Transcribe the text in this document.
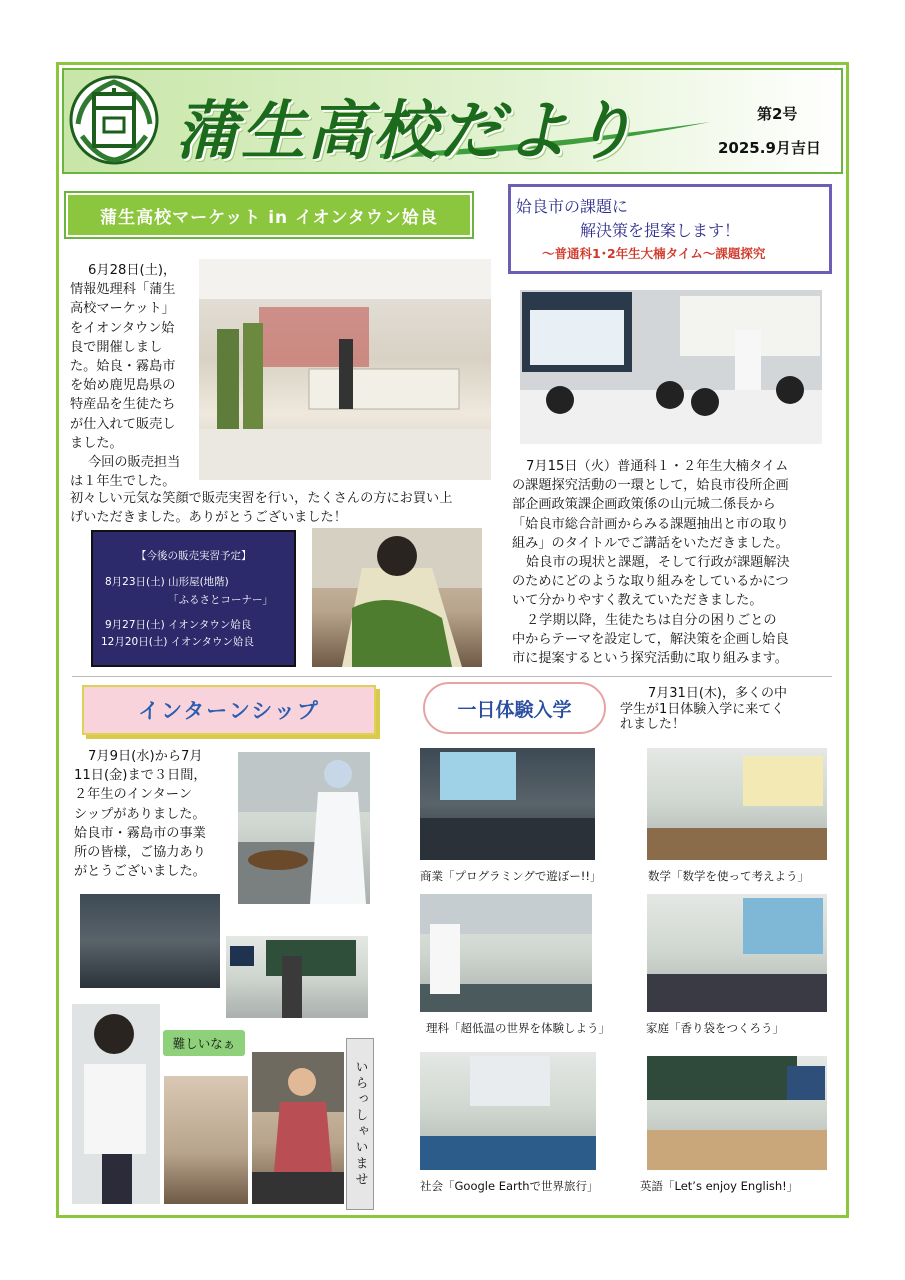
蒲生高校だより	第2号
2025.9月吉日
蒲生高校マーケット in イオンタウン姶良
6月28日(土)，
情報処理科「蒲生
高校マーケット」
をイオンタウン姶
良で開催しまし
た。姶良・霧島市
を始め鹿児島県の
特産品を生徒たち
が仕入れて販売し
ました。
今回の販売担当
は１年生でした。
初々しい元気な笑顔で販売実習を行い，たくさんの方にお買い上
げいただきました。ありがとうございました！
【今後の販売実習予定】
8月23日(土) 山形屋(地階)
「ふるさとコーナー」
9月27日(土) イオンタウン姶良
12月20日(土) イオンタウン姶良
姶良市の課題に
解決策を提案します！
～普通科1･2年生大楠タイム～課題探究
7月15日（火）普通科１・２年生大楠タイム
の課題探究活動の一環として，姶良市役所企画
部企画政策課企画政策係の山元城二係長から
「姶良市総合計画からみる課題抽出と市の取り
組み」のタイトルでご講話をいただきました。
姶良市の現状と課題，そして行政が課題解決
のためにどのような取り組みをしているかにつ
いて分かりやすく教えていただきました。
２学期以降，生徒たちは自分の困りごとの
中からテーマを設定して，解決策を企画し姶良
市に提案するという探究活動に取り組みます。
インターンシップ
7月9日(水)から7月
11日(金)まで３日間，
２年生のインターン
シップがありました。
姶良市・霧島市の事業
所の皆様，ご協力あり
がとうございました。
難しいなぁ
いらっしゃいませ
一日体験入学
7月31日(木)，多くの中
学生が1日体験入学に来てく
れました！
商業「プログラミングで遊ぼー!!」	数学「数学を使って考えよう」
理科「超低温の世界を体験しよう」	家庭「香り袋をつくろう」
社会「Google Earthで世界旅行」	英語「Let’s enjoy English!」
